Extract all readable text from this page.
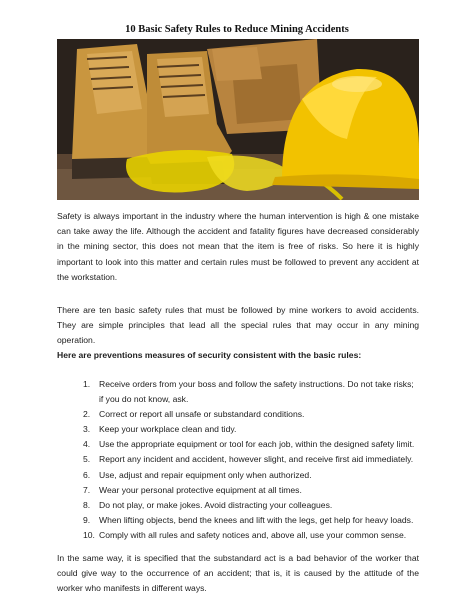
10 Basic Safety Rules to Reduce Mining Accidents
Safety is always important in the industry where the human intervention is high & one mistake can take away the life. Although the accident and fatality figures have decreased considerably in the mining sector, this does not mean that the item is free of risks. So here it is highly important to look into this matter and certain rules must be followed to prevent any accident at the workstation.
There are ten basic safety rules that must be followed by mine workers to avoid accidents. They are simple principles that lead all the special rules that may occur in any mining operation.
Here are preventions measures of security consistent with the basic rules:
1. Receive orders from your boss and follow the safety instructions. Do not take risks; if you do not know, ask.
2. Correct or report all unsafe or substandard conditions.
3. Keep your workplace clean and tidy.
4. Use the appropriate equipment or tool for each job, within the designed safety limit.
5. Report any incident and accident, however slight, and receive first aid immediately.
6. Use, adjust and repair equipment only when authorized.
7. Wear your personal protective equipment at all times.
8. Do not play, or make jokes. Avoid distracting your colleagues.
9. When lifting objects, bend the knees and lift with the legs, get help for heavy loads.
10. Comply with all rules and safety notices and, above all, use your common sense.
In the same way, it is specified that the substandard act is a bad behavior of the worker that could give way to the occurrence of an accident; that is, it is caused by the attitude of the worker who manifests in different ways.
